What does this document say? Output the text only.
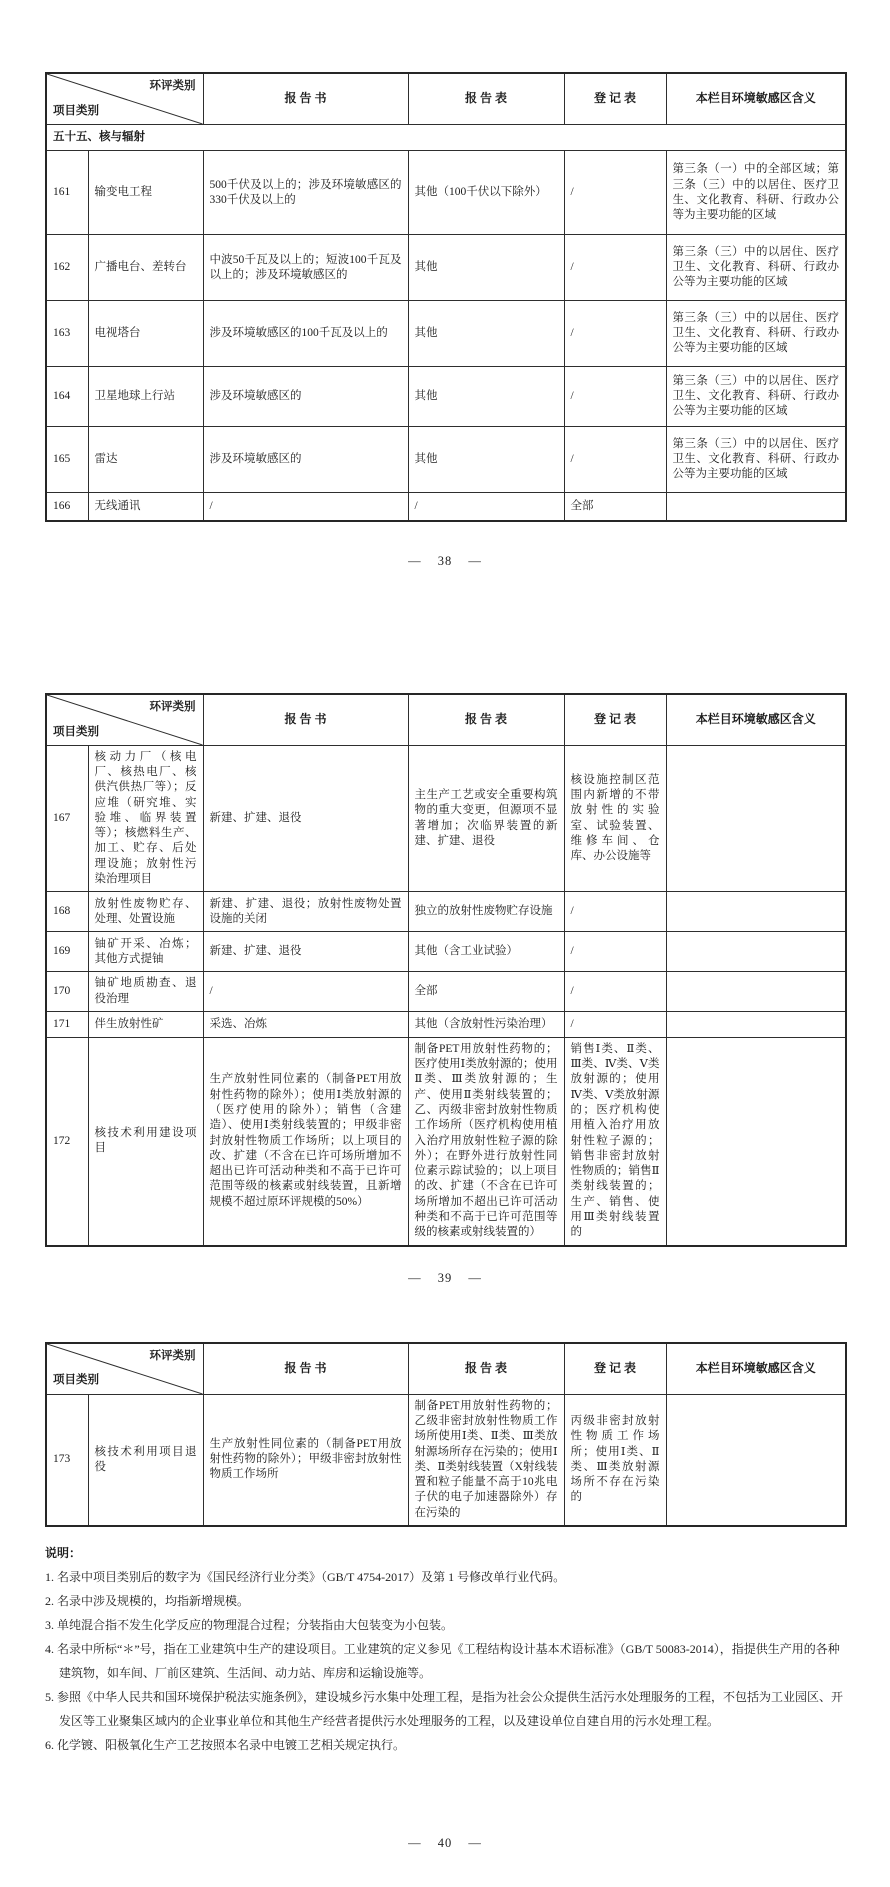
环评类别
项目类别		报 告 书	报 告 表	登 记 表	本栏目环境敏感区含义
五十五、核与辐射					
161	输变电工程	500千伏及以上的；涉及环境敏感区的330千伏及以上的	其他（100千伏以下除外）	/	第三条（一）中的全部区域；第三条（三）中的以居住、医疗卫生、文化教育、科研、行政办公等为主要功能的区域
162	广播电台、差转台	中波50千瓦及以上的；短波100千瓦及以上的；涉及环境敏感区的	其他	/	第三条（三）中的以居住、医疗卫生、文化教育、科研、行政办公等为主要功能的区域
163	电视塔台	涉及环境敏感区的100千瓦及以上的	其他	/	第三条（三）中的以居住、医疗卫生、文化教育、科研、行政办公等为主要功能的区域
164	卫星地球上行站	涉及环境敏感区的	其他	/	第三条（三）中的以居住、医疗卫生、文化教育、科研、行政办公等为主要功能的区域
165	雷达	涉及环境敏感区的	其他	/	第三条（三）中的以居住、医疗卫生、文化教育、科研、行政办公等为主要功能的区域
166	无线通讯	/	/	全部	
— 38 —
环评类别
项目类别		报 告 书	报 告 表	登 记 表	本栏目环境敏感区含义
167	核动力厂（核电厂、核热电厂、核供汽供热厂等）；反应堆（研究堆、实验堆、临界装置等）；核燃料生产、加工、贮存、后处理设施；放射性污染治理项目	新建、扩建、退役	主生产工艺或安全重要构筑物的重大变更，但源项不显著增加；次临界装置的新建、扩建、退役	核设施控制区范围内新增的不带放射性的实验室、试验装置、维修车间、仓库、办公设施等	
168	放射性废物贮存、处理、处置设施	新建、扩建、退役；放射性废物处置设施的关闭	独立的放射性废物贮存设施	/	
169	铀矿开采、冶炼；其他方式提铀	新建、扩建、退役	其他（含工业试验）	/	
170	铀矿地质勘查、退役治理	/	全部	/	
171	伴生放射性矿	采选、冶炼	其他（含放射性污染治理）	/	
172	核技术利用建设项目	生产放射性同位素的（制备PET用放射性药物的除外）；使用Ⅰ类放射源的（医疗使用的除外）；销售（含建造）、使用Ⅰ类射线装置的；甲级非密封放射性物质工作场所；以上项目的改、扩建（不含在已许可场所增加不超出已许可活动种类和不高于已许可范围等级的核素或射线装置，且新增规模不超过原环评规模的50%）	制备PET用放射性药物的；医疗使用Ⅰ类放射源的；使用Ⅱ类、Ⅲ类放射源的；生产、使用Ⅱ类射线装置的；乙、丙级非密封放射性物质工作场所（医疗机构使用植入治疗用放射性粒子源的除外）；在野外进行放射性同位素示踪试验的；以上项目的改、扩建（不含在已许可场所增加不超出已许可活动种类和不高于已许可范围等级的核素或射线装置的）	销售Ⅰ类、Ⅱ类、Ⅲ类、Ⅳ类、Ⅴ类放射源的；使用Ⅳ类、Ⅴ类放射源的；医疗机构使用植入治疗用放射性粒子源的；销售非密封放射性物质的；销售Ⅱ类射线装置的；生产、销售、使用Ⅲ类射线装置的	
— 39 —
环评类别
项目类别		报 告 书	报 告 表	登 记 表	本栏目环境敏感区含义
173	核技术利用项目退役	生产放射性同位素的（制备PET用放射性药物的除外）；甲级非密封放射性物质工作场所	制备PET用放射性药物的；乙级非密封放射性物质工作场所使用Ⅰ类、Ⅱ类、Ⅲ类放射源场所存在污染的；使用Ⅰ类、Ⅱ类射线装置（X射线装置和粒子能量不高于10兆电子伏的电子加速器除外）存在污染的	丙级非密封放射性物质工作场所；使用Ⅰ类、Ⅱ类、Ⅲ类放射源场所不存在污染的	
说明：
1. 名录中项目类别后的数字为《国民经济行业分类》（GB/T 4754-2017）及第 1 号修改单行业代码。
2. 名录中涉及规模的，均指新增规模。
3. 单纯混合指不发生化学反应的物理混合过程；分装指由大包装变为小包装。
4. 名录中所标“＊”号，指在工业建筑中生产的建设项目。工业建筑的定义参见《工程结构设计基本术语标准》（GB/T 50083-2014），指提供生产用的各种建筑物，如车间、厂前区建筑、生活间、动力站、库房和运输设施等。
5. 参照《中华人民共和国环境保护税法实施条例》，建设城乡污水集中处理工程，是指为社会公众提供生活污水处理服务的工程，不包括为工业园区、开发区等工业聚集区域内的企业事业单位和其他生产经营者提供污水处理服务的工程，以及建设单位自建自用的污水处理工程。
6. 化学镀、阳极氧化生产工艺按照本名录中电镀工艺相关规定执行。
— 40 —
